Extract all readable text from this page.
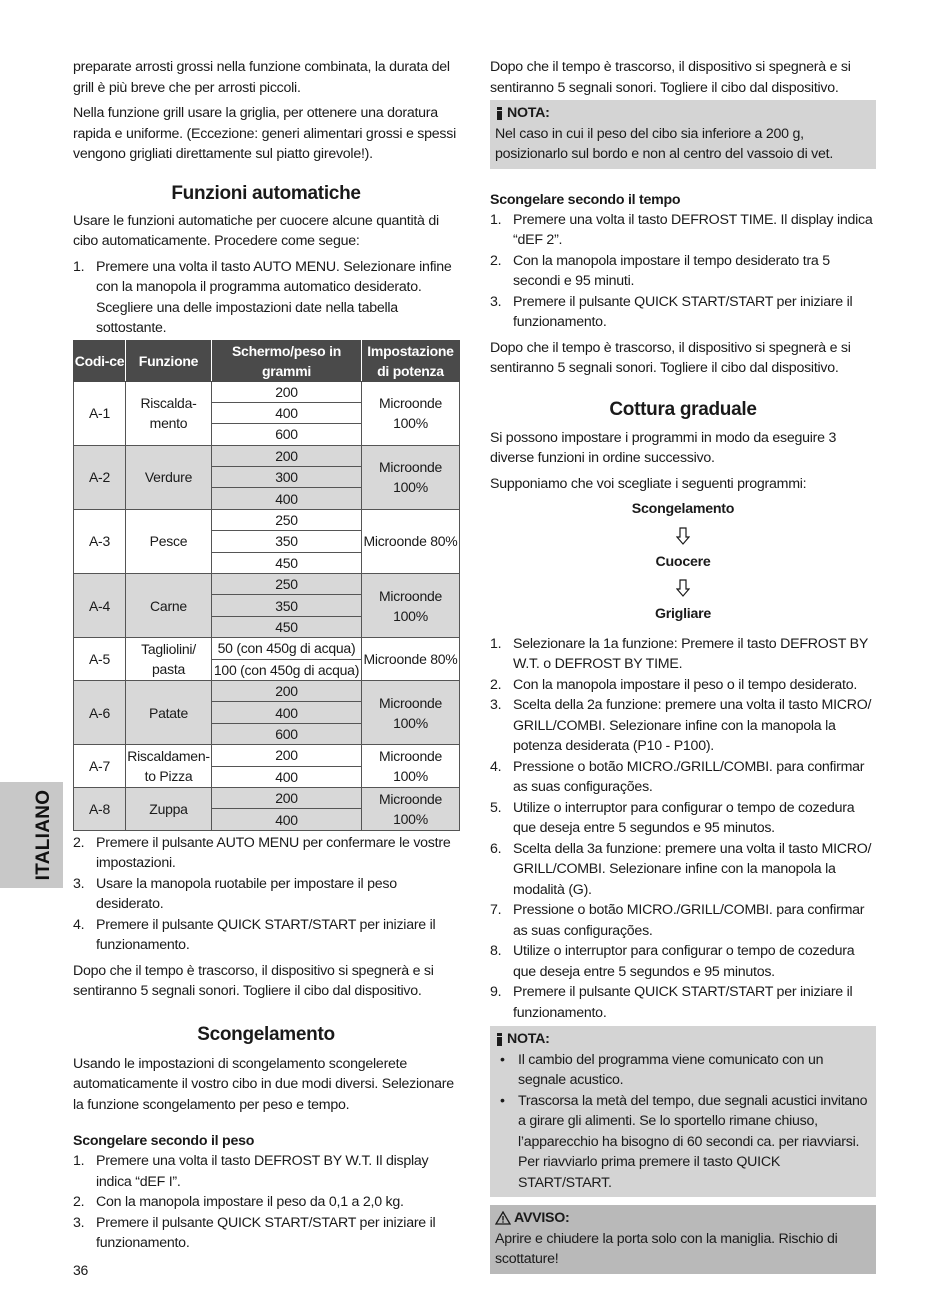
ITALIANO

preparate arrosti grossi nella funzione combinata, la durata del grill è più breve che per arrosti piccoli.

Nella funzione grill usare la griglia, per ottenere una doratura rapida e uniforme. (Eccezione: generi alimentari grossi e spessi vengono grigliati direttamente sul piatto girevole!).

Funzioni automatiche

Usare le funzioni automatiche per cuocere alcune quantità di cibo automaticamente. Procedere come segue:

1. Premere una volta il tasto AUTO MENU. Selezionare infine con la manopola il programma automatico desiderato. Scegliere una delle impostazioni date nella tabella sottostante.
Codi-ce	Funzione	Schermo/peso in grammi	Impostazione di potenza
A-1	Riscalda-mento	200	Microonde 100%
		400	
		600	
A-2	Verdure	200	Microonde 100%
		300	
		400	
A-3	Pesce	250	Microonde 80%
		350	
		450	
A-4	Carne	250	Microonde 100%
		350	
		450	
A-5	Tagliolini/ pasta	50 (con 450g di acqua)	Microonde 80%
		100 (con 450g di acqua)	
A-6	Patate	200	Microonde 100%
		400	
		600	
A-7	Riscaldamen-to Pizza	200	Microonde 100%
		400	
A-8	Zuppa	200	Microonde 100%
		400	
2. Premere il pulsante AUTO MENU per confermare le vostre impostazioni.
3. Usare la manopola ruotabile per impostare il peso desiderato.
4. Premere il pulsante QUICK START/START per iniziare il funzionamento.

Dopo che il tempo è trascorso, il dispositivo si spegnerà e si sentiranno 5 segnali sonori. Togliere il cibo dal dispositivo.

Scongelamento

Usando le impostazioni di scongelamento scongelerete automaticamente il vostro cibo in due modi diversi. Selezionare la funzione scongelamento per peso e tempo.

Scongelare secondo il peso
1. Premere una volta il tasto DEFROST BY W.T. Il display indica “dEF I”.
2. Con la manopola impostare il peso da 0,1 a 2,0 kg.
3. Premere il pulsante QUICK START/START per iniziare il funzionamento.

Dopo che il tempo è trascorso, il dispositivo si spegnerà e si sentiranno 5 segnali sonori. Togliere il cibo dal dispositivo.

NOTA:
Nel caso in cui il peso del cibo sia inferiore a 200 g, posizionarlo sul bordo e non al centro del vassoio di vet.
Scongelare secondo il tempo
1. Premere una volta il tasto DEFROST TIME. Il display indica “dEF 2”.
2. Con la manopola impostare il tempo desiderato tra 5 secondi e 95 minuti.
3. Premere il pulsante QUICK START/START per iniziare il funzionamento.

Dopo che il tempo è trascorso, il dispositivo si spegnerà e si sentiranno 5 segnali sonori. Togliere il cibo dal dispositivo.

Cottura graduale

Si possono impostare i programmi in modo da eseguire 3 diverse funzioni in ordine successivo.

Supponiamo che voi scegliate i seguenti programmi:

Scongelamento
Cuocere
Grigliare
1. Selezionare la 1a funzione: Premere il tasto DEFROST BY W.T. o DEFROST BY TIME.
2. Con la manopola impostare il peso o il tempo desiderato.
3. Scelta della 2a funzione: premere una volta il tasto MICRO/ GRILL/COMBI. Selezionare infine con la manopola la potenza desiderata (P10 - P100).
4. Pressione o botão MICRO./GRILL/COMBI. para confirmar as suas configurações.
5. Utilize o interruptor para configurar o tempo de cozedura que deseja entre 5 segundos e 95 minutos.
6. Scelta della 3a funzione: premere una volta il tasto MICRO/ GRILL/COMBI. Selezionare infine con la manopola la modalità (G).
7. Pressione o botão MICRO./GRILL/COMBI. para confirmar as suas configurações.
8. Utilize o interruptor para configurar o tempo de cozedura que deseja entre 5 segundos e 95 minutos.
9. Premere il pulsante QUICK START/START per iniziare il funzionamento.
NOTA:
• Il cambio del programma viene comunicato con un segnale acustico.
• Trascorsa la metà del tempo, due segnali acustici invitano a girare gli alimenti. Se lo sportello rimane chiuso, l’apparecchio ha bisogno di 60 secondi ca. per riavviarsi. Per riavviarlo prima premere il tasto QUICK START/START.
AVVISO:
Aprire e chiudere la porta solo con la maniglia. Rischio di scottature!
36
